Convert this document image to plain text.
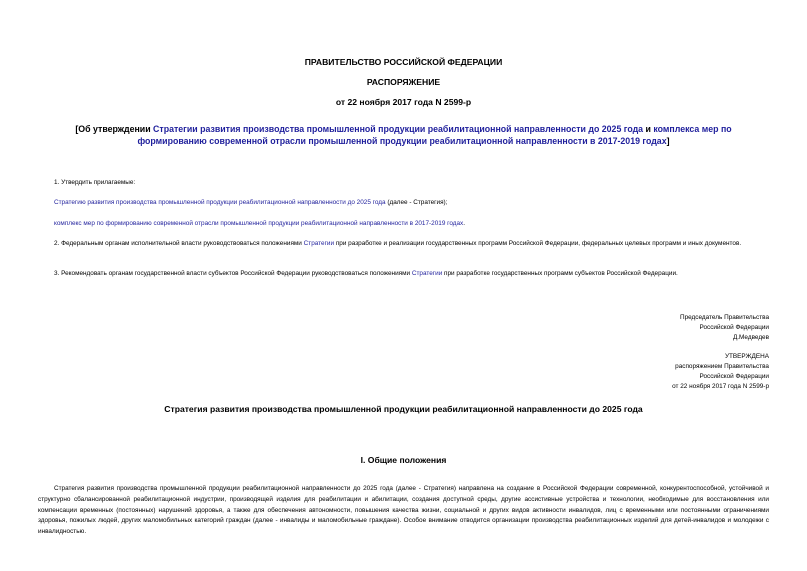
ПРАВИТЕЛЬСТВО РОССИЙСКОЙ ФЕДЕРАЦИИ
РАСПОРЯЖЕНИЕ
от 22 ноября 2017 года N 2599-р
[Об утверждении Стратегии развития производства промышленной продукции реабилитационной направленности до 2025 года и комплекса мер по формированию современной отрасли промышленной продукции реабилитационной направленности в 2017-2019 годах]
1. Утвердить прилагаемые:
Стратегию развития производства промышленной продукции реабилитационной направленности до 2025 года (далее - Стратегия);
комплекс мер по формированию современной отрасли промышленной продукции реабилитационной направленности в 2017-2019 годах.
2. Федеральным органам исполнительной власти руководствоваться положениями Стратегии при разработке и реализации государственных программ Российской Федерации, федеральных целевых программ и иных документов.
3. Рекомендовать органам государственной власти субъектов Российской Федерации руководствоваться положениями Стратегии при разработке государственных программ субъектов Российской Федерации.
Председатель Правительства
Российской Федерации
Д.Медведев
УТВЕРЖДЕНА
распоряжением Правительства
Российской Федерации
от 22 ноября 2017 года N 2599-р
Стратегия развития производства промышленной продукции реабилитационной направленности до 2025 года
I. Общие положения
Стратегия развития производства промышленной продукции реабилитационной направленности до 2025 года (далее - Стратегия) направлена на создание в Российской Федерации современной, конкурентоспособной, устойчивой и структурно сбалансированной реабилитационной индустрии, производящей изделия для реабилитации и абилитации, создания доступной среды, другие ассистивные устройства и технологии, необходимые для восстановления или компенсации временных (постоянных) нарушений здоровья, а также для обеспечения автономности, повышения качества жизни, социальной и других видов активности инвалидов, лиц с временными или постоянными ограничениями здоровья, пожилых людей, других маломобильных категорий граждан (далее - инвалиды и маломобильные граждане). Особое внимание отводится организации производства реабилитационных изделий для детей-инвалидов и молодежи с инвалидностью.
